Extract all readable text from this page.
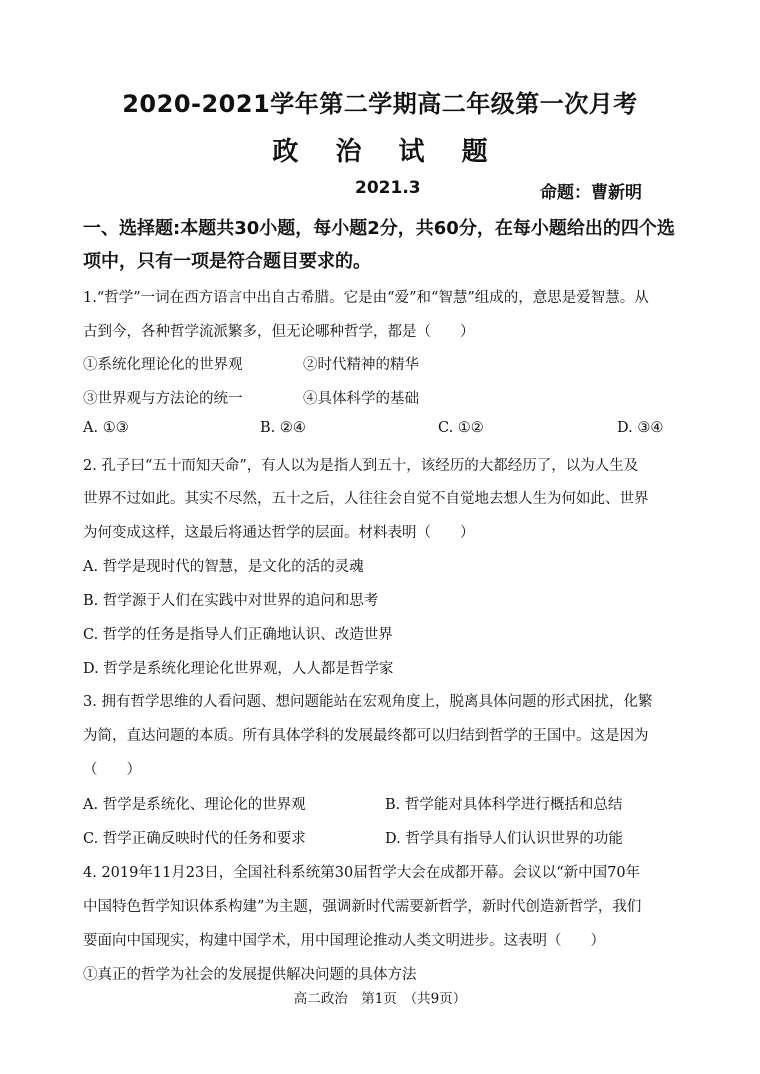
2020-2021学年第二学期高二年级第一次月考
政 治 试 题
2021.3	命题：曹新明
一、选择题:本题共30小题，每小题2分，共60分，在每小题给出的四个选项中，只有一项是符合题目要求的。
1.“哲学”一词在西方语言中出自古希腊。它是由“爱”和“智慧”组成的，意思是爱智慧。从
古到今，各种哲学流派繁多，但无论哪种哲学，都是（　　）
①系统化理论化的世界观	②时代精神的精华
③世界观与方法论的统一	④具体科学的基础
A. ①③	B. ②④	C. ①②	D. ③④
2. 孔子曰“五十而知天命”，有人以为是指人到五十，该经历的大都经历了，以为人生及
世界不过如此。其实不尽然，五十之后，人往往会自觉不自觉地去想人生为何如此、世界
为何变成这样，这最后将通达哲学的层面。材料表明（　　）
A. 哲学是现时代的智慧，是文化的活的灵魂
B. 哲学源于人们在实践中对世界的追问和思考
C. 哲学的任务是指导人们正确地认识、改造世界
D. 哲学是系统化理论化世界观，人人都是哲学家
3. 拥有哲学思维的人看问题、想问题能站在宏观角度上，脱离具体问题的形式困扰，化繁
为简，直达问题的本质。所有具体学科的发展最终都可以归结到哲学的王国中。这是因为
（　　）
A. 哲学是系统化、理论化的世界观	B. 哲学能对具体科学进行概括和总结
C. 哲学正确反映时代的任务和要求	D. 哲学具有指导人们认识世界的功能
4. 2019年11月23日，全国社科系统第30届哲学大会在成都开幕。会议以“新中国70年
中国特色哲学知识体系构建”为主题，强调新时代需要新哲学，新时代创造新哲学，我们
要面向中国现实，构建中国学术，用中国理论推动人类文明进步。这表明（　　）
①真正的哲学为社会的发展提供解决问题的具体方法
高二政治　第1页　（共9页）
